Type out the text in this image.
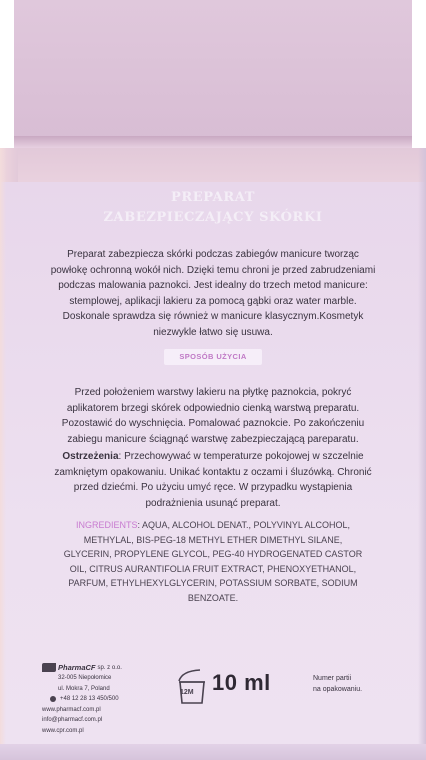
PREPARAT
ZABEZPIECZAJĄCY SKÓRKI

Preparat zabezpiecza skórki podczas zabiegów manicure tworząc powłokę ochronną wokół nich. Dzięki temu chroni je przed zabrudzeniami podczas malowania paznokci. Jest idealny do trzech metod manicure: stemplowej, aplikacji lakieru za pomocą gąbki oraz water marble. Doskonale sprawdza się również w manicure klasycznym.Kosmetyk niezwykle łatwo się usuwa.

SPOSÓB UŻYCIA

Przed położeniem warstwy lakieru na płytkę paznokcia, pokryć aplikatorem brzegi skórek odpowiednio cienką warstwą preparatu. Pozostawić do wyschnięcia. Pomalować paznokcie. Po zakończeniu zabiegu manicure ściągnąć warstwę zabezpieczającą pareparatu.

Ostrzeżenia: Przechowywać w temperaturze pokojowej w szczelnie zamkniętym opakowaniu. Unikać kontaktu z oczami i śluzówką. Chronić przed dziećmi. Po użyciu umyć ręce. W przypadku wystąpienia podrażnienia usunąć preparat.

INGREDIENTS: AQUA, ALCOHOL DENAT., POLYVINYL ALCOHOL, METHYLAL, BIS-PEG-18 METHYL ETHER DIMETHYL SILANE, GLYCERIN, PROPYLENE GLYCOL, PEG-40 HYDROGENATED CASTOR OIL, CITRUS AURANTIFOLIA FRUIT EXTRACT, PHENOXYETHANOL, PARFUM, ETHYLHEXYLGLYCERIN, POTASSIUM SORBATE, SODIUM BENZOATE.

PharmaCF sp. z o.o.
32-005 Niepołomice
ul. Mokra 7, Poland
+48 12 28 13 450/500
www.pharmacf.com.pl
info@pharmacf.com.pl
www.cpr.com.pl
12M 10 ml	Numer partii
na opakowaniu.
